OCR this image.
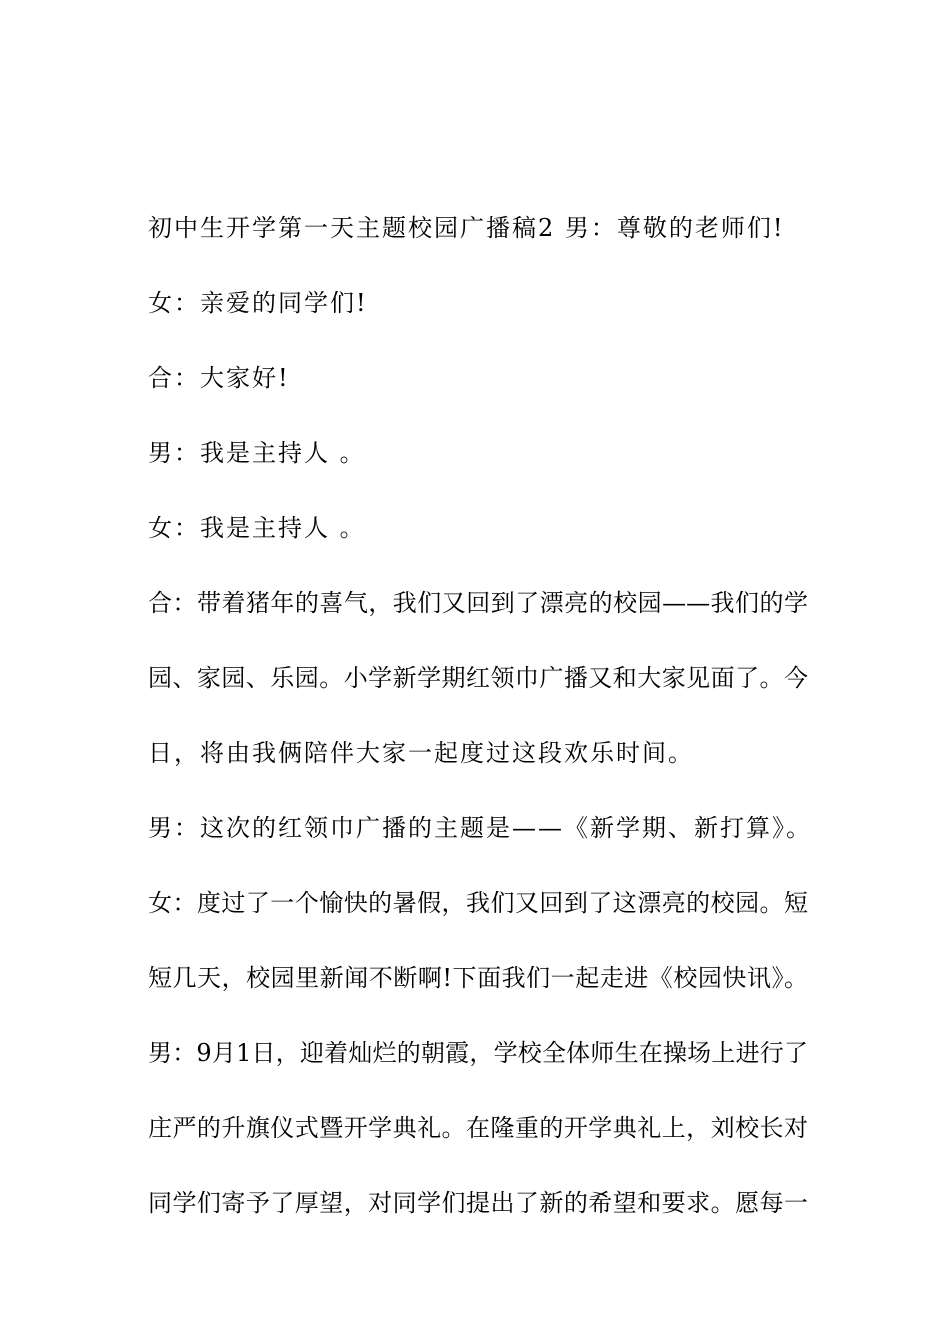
初中生开学第一天主题校园广播稿2 男：尊敬的老师们!
女：亲爱的同学们!
合：大家好!
男：我是主持人 。
女：我是主持人 。
合：带着猪年的喜气，我们又回到了漂亮的校园——我们的学
园、家园、乐园。小学新学期红领巾广播又和大家见面了。今
日，将由我俩陪伴大家一起度过这段欢乐时间。
男：这次的红领巾广播的主题是——《新学期、新打算》。
女：度过了一个愉快的暑假，我们又回到了这漂亮的校园。短
短几天，校园里新闻不断啊!下面我们一起走进《校园快讯》。
男：9月1日，迎着灿烂的朝霞，学校全体师生在操场上进行了
庄严的升旗仪式暨开学典礼。在隆重的开学典礼上，刘校长对
同学们寄予了厚望，对同学们提出了新的希望和要求。愿每一
